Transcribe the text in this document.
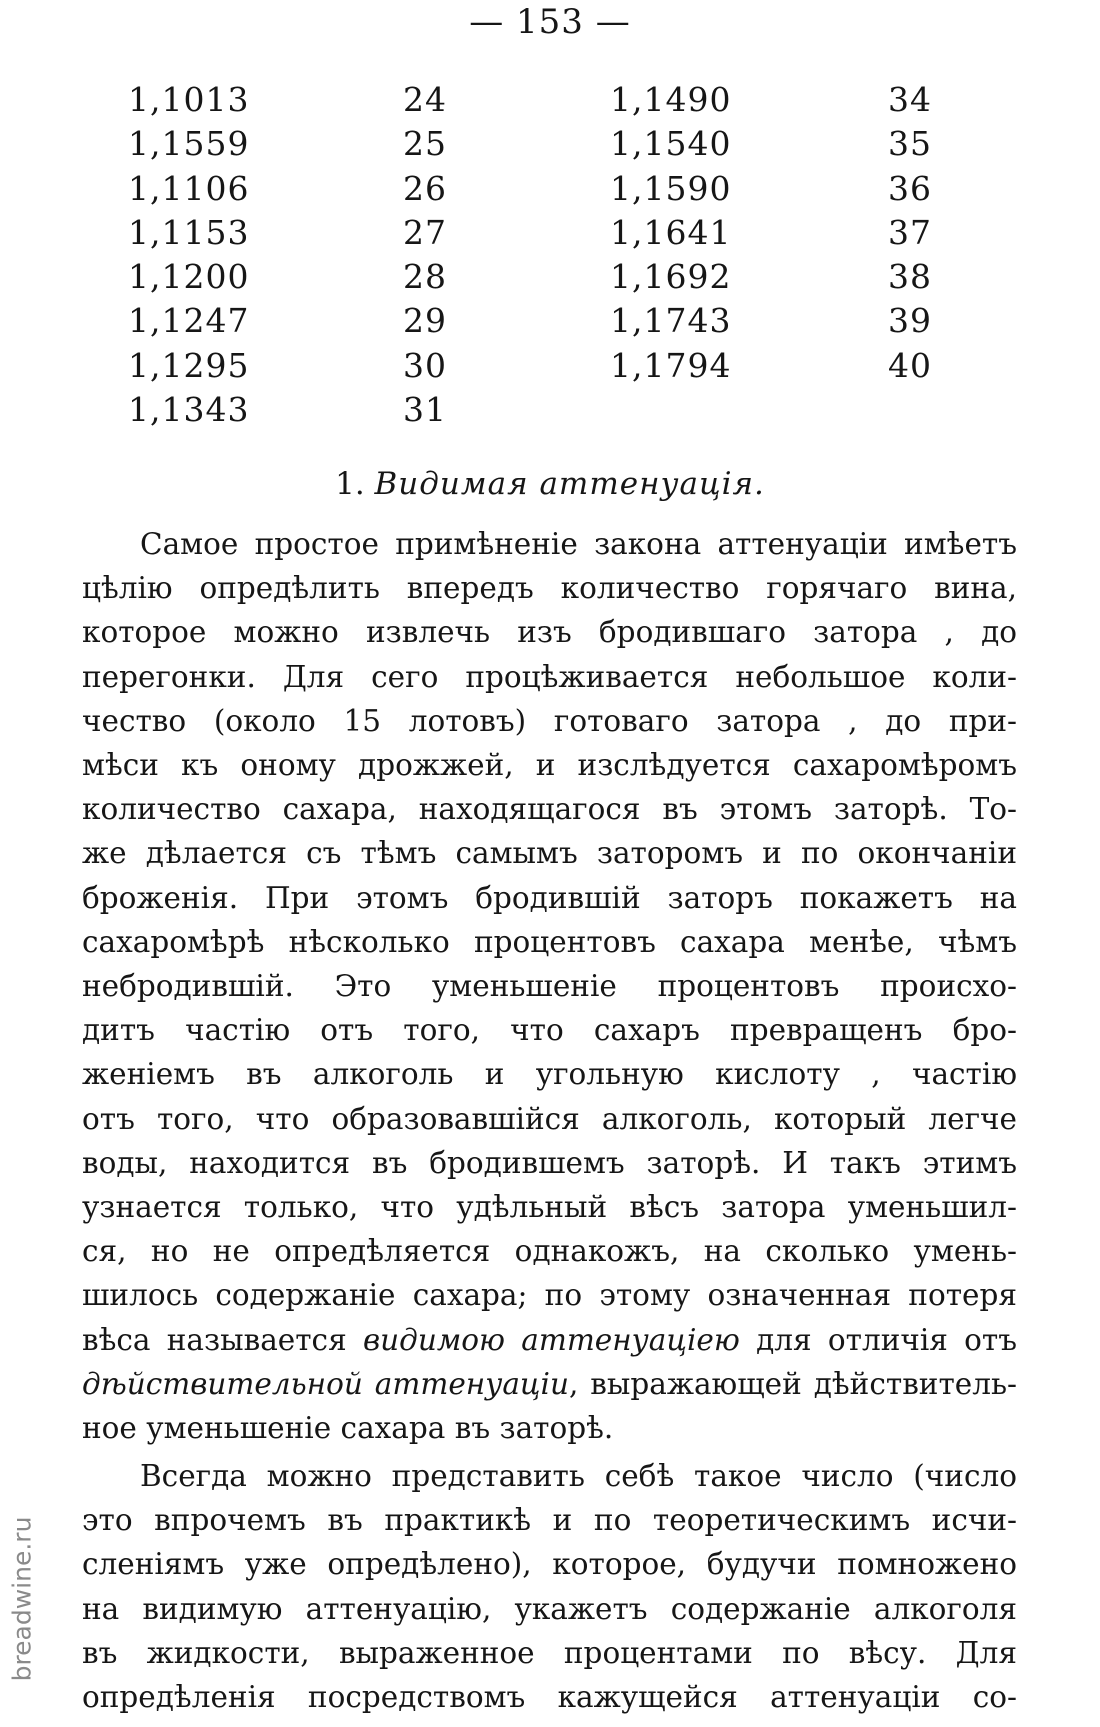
— 153 —
1,1013	24	1,1490	34
1,1559	25	1,1540	35
1,1106	26	1,1590	36
1,1153	27	1,1641	37
1,1200	28	1,1692	38
1,1247	29	1,1743	39
1,1295	30	1,1794	40
1,1343	31
1. Видимая аттенуація.
Самое простое примѣненіе закона аттенуаціи имѣетъ
цѣлію опредѣлить впередъ количество горячаго вина,
которое можно извлечь изъ бродившаго затора , до
перегонки. Для сего процѣживается небольшое коли-
чество (около 15 лотовъ) готоваго затора , до при-
мѣси къ оному дрожжей, и изслѣдуется сахаромѣромъ
количество сахара, находящагося въ этомъ заторѣ. То-
же дѣлается съ тѣмъ самымъ заторомъ и по окончаніи
броженія. При этомъ бродившій заторъ покажетъ на
сахаромѣрѣ нѣсколько процентовъ сахара менѣе, чѣмъ
небродившій. Это уменьшеніе процентовъ происхо-
дитъ частію отъ того, что сахаръ превращенъ бро-
женіемъ въ алкоголь и угольную кислоту , частію
отъ того, что образовавшійся алкоголь, который легче
воды, находится въ бродившемъ заторѣ. И такъ этимъ
узнается только, что удѣльный вѣсъ затора уменьшил-
ся, но не опредѣляется однакожъ, на сколько умень-
шилось содержаніе сахара; по этому означенная потеря
вѣса называется видимою аттенуаціею для отличія отъ
дѣйствительной аттенуаціи, выражающей дѣйствитель-
ное уменьшеніе сахара въ заторѣ.
Всегда можно представить себѣ такое число (число
это впрочемъ въ практикѣ и по теоретическимъ исчи-
сленіямъ уже опредѣлено), которое, будучи помножено
на видимую аттенуацію, укажетъ содержаніе алкоголя
въ жидкости, выраженное процентами по вѣсу. Для
опредѣленія посредствомъ кажущейся аттенуаціи со-
breadwine.ru
